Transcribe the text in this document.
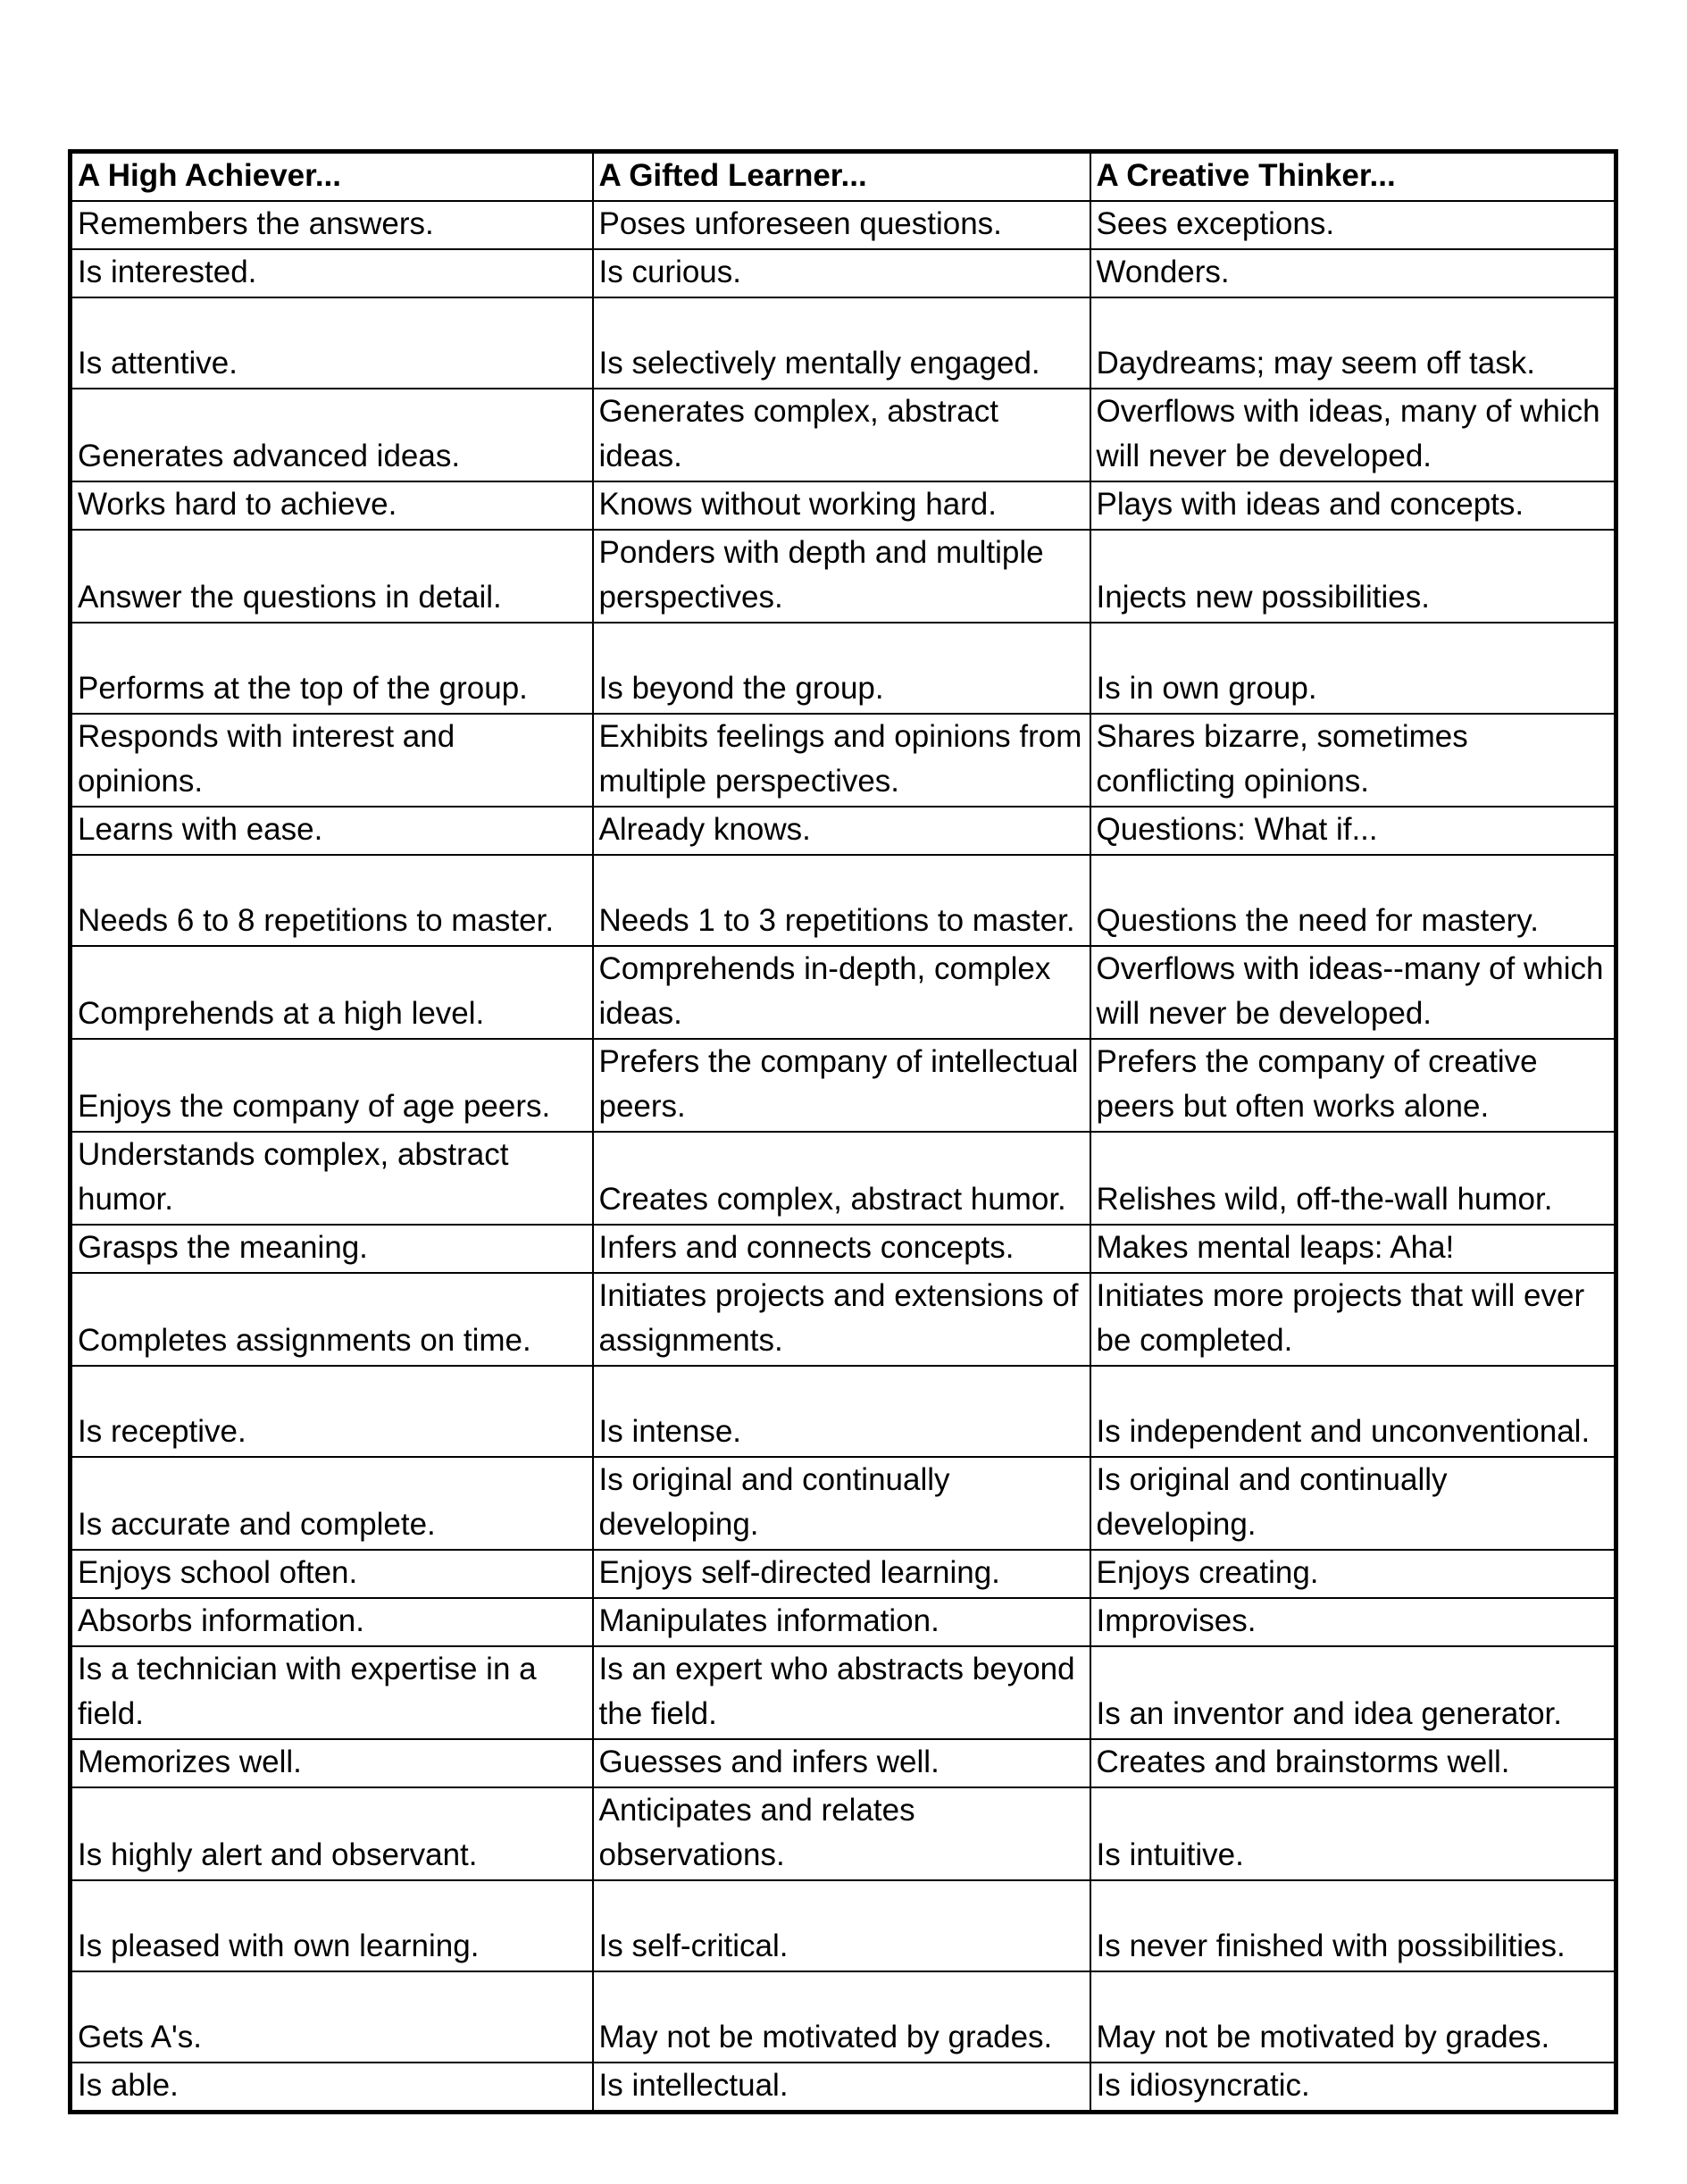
A High Achiever...	A Gifted Learner...	A Creative Thinker...
Remembers the answers.	Poses unforeseen questions.	Sees exceptions.
Is interested.	Is curious.	Wonders.
Is attentive.	Is selectively mentally engaged.	Daydreams; may seem off task.
Generates advanced ideas.	Generates complex, abstract ideas.	Overflows with ideas, many of which will never be developed.
Works hard to achieve.	Knows without working hard.	Plays with ideas and concepts.
Answer the questions in detail.	Ponders with depth and multiple perspectives.	Injects new possibilities.
Performs at the top of the group.	Is beyond the group.	Is in own group.
Responds with interest and opinions.	Exhibits feelings and opinions from multiple perspectives.	Shares bizarre, sometimes conflicting opinions.
Learns with ease.	Already knows.	Questions: What if...
Needs 6 to 8 repetitions to master.	Needs 1 to 3 repetitions to master.	Questions the need for mastery.
Comprehends at a high level.	Comprehends in-depth, complex ideas.	Overflows with ideas--many of which will never be developed.
Enjoys the company of age peers.	Prefers the company of intellectual peers.	Prefers the company of creative peers but often works alone.
Understands complex, abstract humor.	Creates complex, abstract humor.	Relishes wild, off-the-wall humor.
Grasps the meaning.	Infers and connects concepts.	Makes mental leaps: Aha!
Completes assignments on time.	Initiates projects and extensions of assignments.	Initiates more projects that will ever be completed.
Is receptive.	Is intense.	Is independent and unconventional.
Is accurate and complete.	Is original and continually developing.	Is original and continually developing.
Enjoys school often.	Enjoys self-directed learning.	Enjoys creating.
Absorbs information.	Manipulates information.	Improvises.
Is a technician with expertise in a field.	Is an expert who abstracts beyond the field.	Is an inventor and idea generator.
Memorizes well.	Guesses and infers well.	Creates and brainstorms well.
Is highly alert and observant.	Anticipates and relates observations.	Is intuitive.
Is pleased with own learning.	Is self-critical.	Is never finished with possibilities.
Gets A's.	May not be motivated by grades.	May not be motivated by grades.
Is able.	Is intellectual.	Is idiosyncratic.
